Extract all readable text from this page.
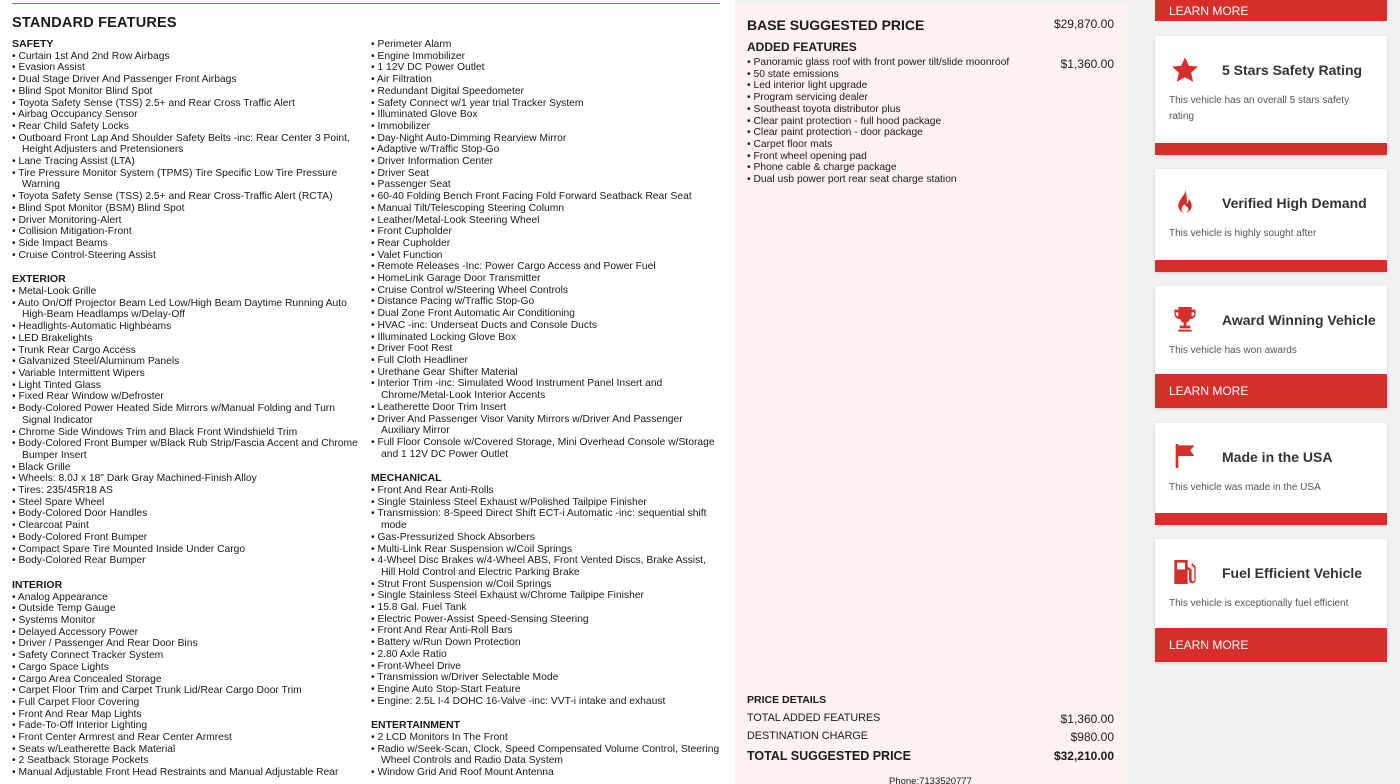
STANDARD FEATURES
SAFETY
• Curtain 1st And 2nd Row Airbags
• Evasion Assist
• Dual Stage Driver And Passenger Front Airbags
• Blind Spot Monitor Blind Spot
• Toyota Safety Sense (TSS) 2.5+ and Rear Cross Traffic Alert
• Airbag Occupancy Sensor
• Rear Child Safety Locks
• Outboard Front Lap And Shoulder Safety Belts -inc: Rear Center 3 Point, Height Adjusters and Pretensioners
• Lane Tracing Assist (LTA)
• Tire Pressure Monitor System (TPMS) Tire Specific Low Tire Pressure Warning
• Toyota Safety Sense (TSS) 2.5+ and Rear Cross-Traffic Alert (RCTA)
• Blind Spot Monitor (BSM) Blind Spot
• Driver Monitoring-Alert
• Collision Mitigation-Front
• Side Impact Beams
• Cruise Control-Steering Assist
EXTERIOR
• Metal-Look Grille
• Auto On/Off Projector Beam Led Low/High Beam Daytime Running Auto High-Beam Headlamps w/Delay-Off
• Headlights-Automatic Highbeams
• LED Brakelights
• Trunk Rear Cargo Access
• Galvanized Steel/Aluminum Panels
• Variable Intermittent Wipers
• Light Tinted Glass
• Fixed Rear Window w/Defroster
• Body-Colored Power Heated Side Mirrors w/Manual Folding and Turn Signal Indicator
• Chrome Side Windows Trim and Black Front Windshield Trim
• Body-Colored Front Bumper w/Black Rub Strip/Fascia Accent and Chrome Bumper Insert
• Black Grille
• Wheels: 8.0J x 18" Dark Gray Machined-Finish Alloy
• Tires: 235/45R18 AS
• Steel Spare Wheel
• Body-Colored Door Handles
• Clearcoat Paint
• Body-Colored Front Bumper
• Compact Spare Tire Mounted Inside Under Cargo
• Body-Colored Rear Bumper
INTERIOR
• Analog Appearance
• Outside Temp Gauge
• Systems Monitor
• Delayed Accessory Power
• Driver / Passenger And Rear Door Bins
• Safety Connect Tracker System
• Cargo Space Lights
• Cargo Area Concealed Storage
• Carpet Floor Trim and Carpet Trunk Lid/Rear Cargo Door Trim
• Full Carpet Floor Covering
• Front And Rear Map Lights
• Fade-To-Off Interior Lighting
• Front Center Armrest and Rear Center Armrest
• Seats w/Leatherette Back Material
• 2 Seatback Storage Pockets
• Manual Adjustable Front Head Restraints and Manual Adjustable Rear
• Perimeter Alarm
• Engine Immobilizer
• 1 12V DC Power Outlet
• Air Filtration
• Redundant Digital Speedometer
• Safety Connect w/1 year trial Tracker System
• Illuminated Glove Box
• Immobilizer
• Day-Night Auto-Dimming Rearview Mirror
• Adaptive w/Traffic Stop-Go
• Driver Information Center
• Driver Seat
• Passenger Seat
• 60-40 Folding Bench Front Facing Fold Forward Seatback Rear Seat
• Manual Tilt/Telescoping Steering Column
• Leather/Metal-Look Steering Wheel
• Front Cupholder
• Rear Cupholder
• Valet Function
• Remote Releases -Inc: Power Cargo Access and Power Fuel
• HomeLink Garage Door Transmitter
• Cruise Control w/Steering Wheel Controls
• Distance Pacing w/Traffic Stop-Go
• Dual Zone Front Automatic Air Conditioning
• HVAC -inc: Underseat Ducts and Console Ducts
• Illuminated Locking Glove Box
• Driver Foot Rest
• Full Cloth Headliner
• Urethane Gear Shifter Material
• Interior Trim -inc: Simulated Wood Instrument Panel Insert and Chrome/Metal-Look Interior Accents
• Leatherette Door Trim Insert
• Driver And Passenger Visor Vanity Mirrors w/Driver And Passenger Auxiliary Mirror
• Full Floor Console w/Covered Storage, Mini Overhead Console w/Storage and 1 12V DC Power Outlet
MECHANICAL
• Front And Rear Anti-Rolls
• Single Stainless Steel Exhaust w/Polished Tailpipe Finisher
• Transmission: 8-Speed Direct Shift ECT-i Automatic -inc: sequential shift mode
• Gas-Pressurized Shock Absorbers
• Multi-Link Rear Suspension w/Coil Springs
• 4-Wheel Disc Brakes w/4-Wheel ABS, Front Vented Discs, Brake Assist, Hill Hold Control and Electric Parking Brake
• Strut Front Suspension w/Coil Springs
• Single Stainless Steel Exhaust w/Chrome Tailpipe Finisher
• 15.8 Gal. Fuel Tank
• Electric Power-Assist Speed-Sensing Steering
• Front And Rear Anti-Roll Bars
• Battery w/Run Down Protection
• 2.80 Axle Ratio
• Front-Wheel Drive
• Transmission w/Driver Selectable Mode
• Engine Auto Stop-Start Feature
• Engine: 2.5L I-4 DOHC 16-Valve -inc: VVT-i intake and exhaust
ENTERTAINMENT
• 2 LCD Monitors In The Front
• Radio w/Seek-Scan, Clock, Speed Compensated Volume Control, Steering Wheel Controls and Radio Data System
• Window Grid And Roof Mount Antenna
BASE SUGGESTED PRICE	$29,870.00
ADDED FEATURES
• Panoramic glass roof with front power tilt/slide moonroof
• 50 state emissions
• Led interior light upgrade
• Program servicing dealer
• Southeast toyota distributor plus
• Clear paint protection - full hood package
• Clear paint protection - door package
• Carpet floor mats
• Front wheel opening pad
• Phone cable & charge package
• Dual usb power port rear seat charge station
$1,360.00
PRICE DETAILS
TOTAL ADDED FEATURES	$1,360.00
DESTINATION CHARGE	$980.00
TOTAL SUGGESTED PRICE	$32,210.00
Phone:7133520777
LEARN MORE
5 Stars Safety Rating
This vehicle has an overall 5 stars safety rating
Verified High Demand
This vehicle is highly sought after
Award Winning Vehicle
This vehicle has won awards
LEARN MORE
Made in the USA
This vehicle was made in the USA
Fuel Efficient Vehicle
This vehicle is exceptionally fuel efficient
LEARN MORE
